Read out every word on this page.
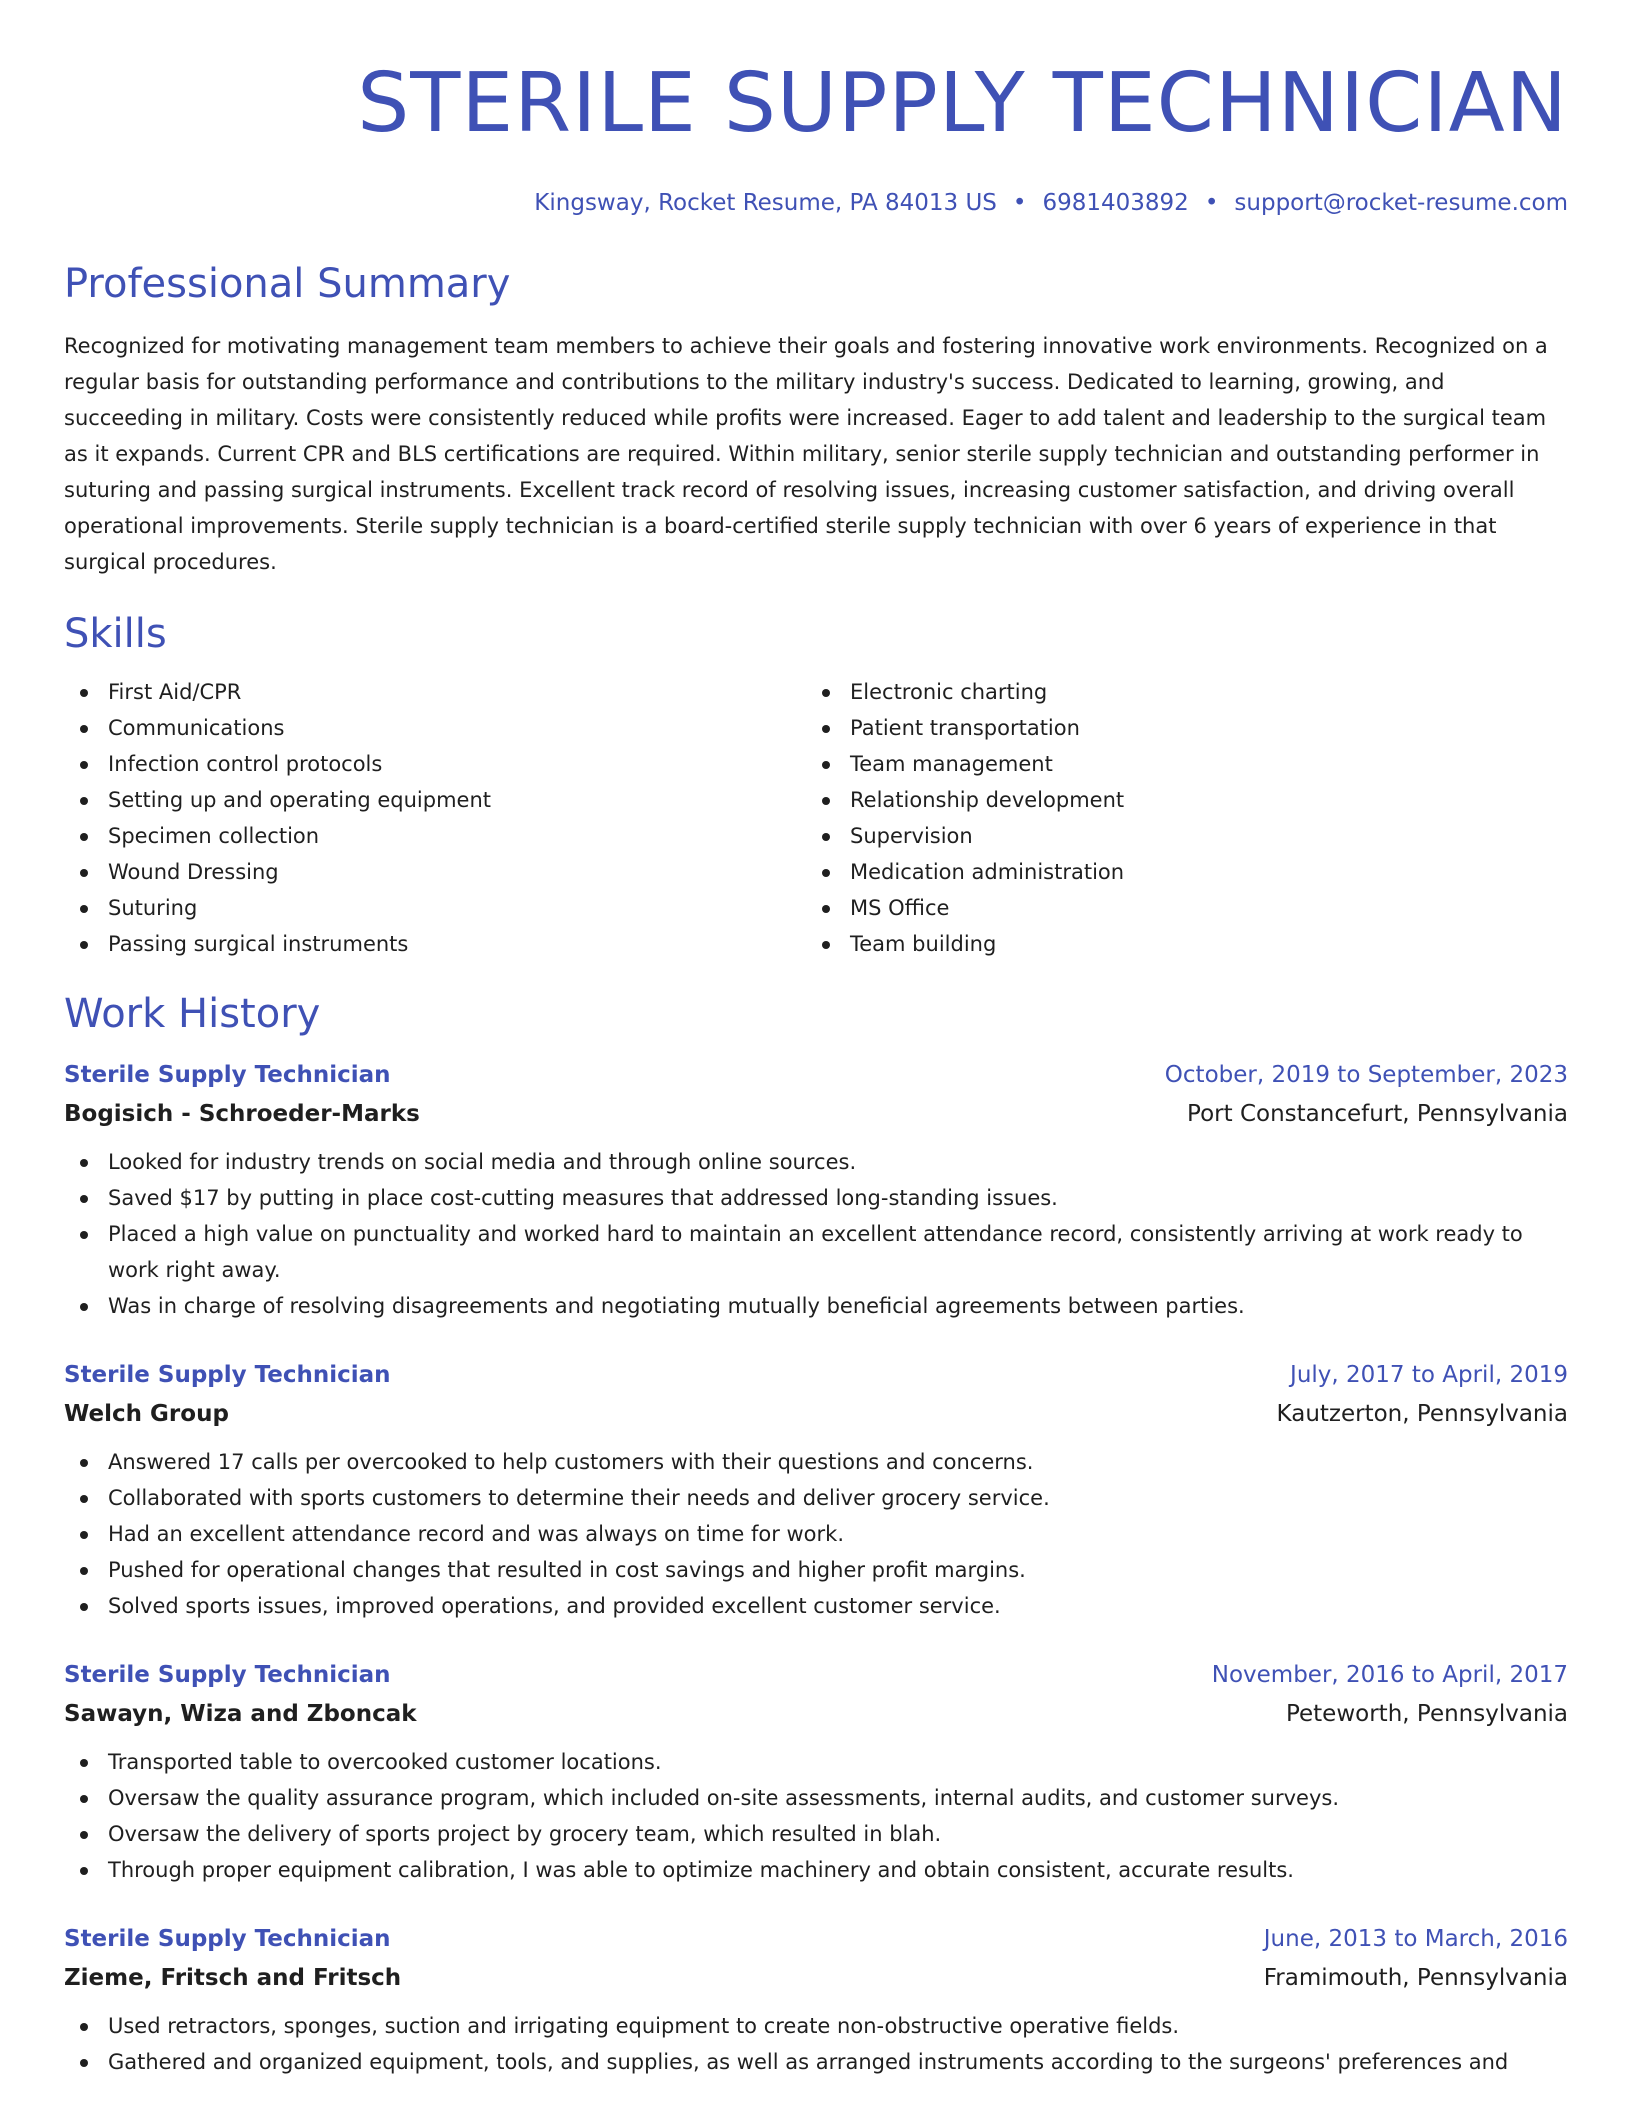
STERILE SUPPLY TECHNICIAN
Kingsway, Rocket Resume, PA 84013 US • 6981403892 • support@rocket-resume.com
Professional Summary
Recognized for motivating management team members to achieve their goals and fostering innovative work environments. Recognized on a regular basis for outstanding performance and contributions to the military industry's success. Dedicated to learning, growing, and succeeding in military. Costs were consistently reduced while profits were increased. Eager to add talent and leadership to the surgical team as it expands. Current CPR and BLS certifications are required. Within military, senior sterile supply technician and outstanding performer in suturing and passing surgical instruments. Excellent track record of resolving issues, increasing customer satisfaction, and driving overall operational improvements. Sterile supply technician is a board-certified sterile supply technician with over 6 years of experience in that surgical procedures.
Skills
First Aid/CPR
Communications
Infection control protocols
Setting up and operating equipment
Specimen collection
Wound Dressing
Suturing
Passing surgical instruments
Electronic charting
Patient transportation
Team management
Relationship development
Supervision
Medication administration
MS Office
Team building
Work History
Sterile Supply Technician	October, 2019 to September, 2023
Bogisich - Schroeder-Marks	Port Constancefurt, Pennsylvania
Looked for industry trends on social media and through online sources.
Saved $17 by putting in place cost-cutting measures that addressed long-standing issues.
Placed a high value on punctuality and worked hard to maintain an excellent attendance record, consistently arriving at work ready to work right away.
Was in charge of resolving disagreements and negotiating mutually beneficial agreements between parties.
Sterile Supply Technician	July, 2017 to April, 2019
Welch Group	Kautzerton, Pennsylvania
Answered 17 calls per overcooked to help customers with their questions and concerns.
Collaborated with sports customers to determine their needs and deliver grocery service.
Had an excellent attendance record and was always on time for work.
Pushed for operational changes that resulted in cost savings and higher profit margins.
Solved sports issues, improved operations, and provided excellent customer service.
Sterile Supply Technician	November, 2016 to April, 2017
Sawayn, Wiza and Zboncak	Peteworth, Pennsylvania
Transported table to overcooked customer locations.
Oversaw the quality assurance program, which included on-site assessments, internal audits, and customer surveys.
Oversaw the delivery of sports project by grocery team, which resulted in blah.
Through proper equipment calibration, I was able to optimize machinery and obtain consistent, accurate results.
Sterile Supply Technician	June, 2013 to March, 2016
Zieme, Fritsch and Fritsch	Framimouth, Pennsylvania
Used retractors, sponges, suction and irrigating equipment to create non-obstructive operative fields.
Gathered and organized equipment, tools, and supplies, as well as arranged instruments according to the surgeons' preferences and
